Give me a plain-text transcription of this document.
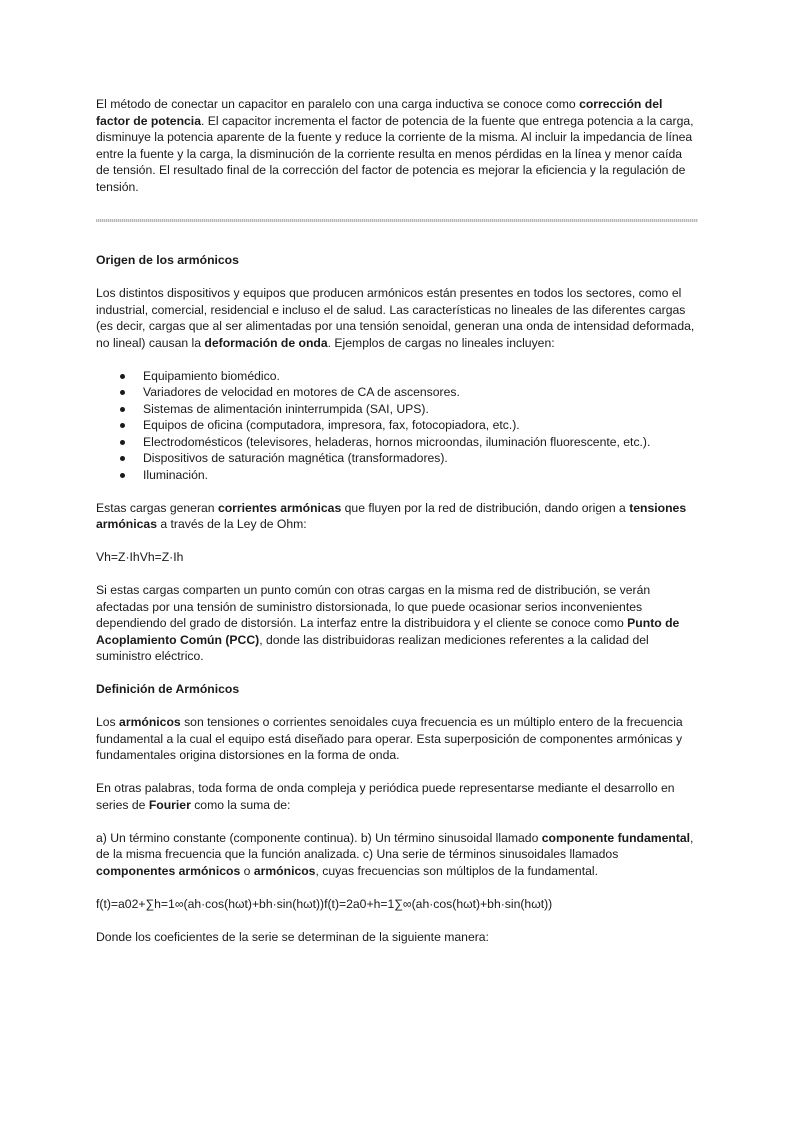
El método de conectar un capacitor en paralelo con una carga inductiva se conoce como corrección del factor de potencia. El capacitor incrementa el factor de potencia de la fuente que entrega potencia a la carga, disminuye la potencia aparente de la fuente y reduce la corriente de la misma. Al incluir la impedancia de línea entre la fuente y la carga, la disminución de la corriente resulta en menos pérdidas en la línea y menor caída de tensión. El resultado final de la corrección del factor de potencia es mejorar la eficiencia y la regulación de tensión.

Origen de los armónicos

Los distintos dispositivos y equipos que producen armónicos están presentes en todos los sectores, como el industrial, comercial, residencial e incluso el de salud. Las características no lineales de las diferentes cargas (es decir, cargas que al ser alimentadas por una tensión senoidal, generan una onda de intensidad deformada, no lineal) causan la deformación de onda. Ejemplos de cargas no lineales incluyen:

Equipamiento biomédico.
Variadores de velocidad en motores de CA de ascensores.
Sistemas de alimentación ininterrumpida (SAI, UPS).
Equipos de oficina (computadora, impresora, fax, fotocopiadora, etc.).
Electrodomésticos (televisores, heladeras, hornos microondas, iluminación fluorescente, etc.).
Dispositivos de saturación magnética (transformadores).
Iluminación.

Estas cargas generan corrientes armónicas que fluyen por la red de distribución, dando origen a tensiones armónicas a través de la Ley de Ohm:

Vh=Z·IhVh=Z·Ih

Si estas cargas comparten un punto común con otras cargas en la misma red de distribución, se verán afectadas por una tensión de suministro distorsionada, lo que puede ocasionar serios inconvenientes dependiendo del grado de distorsión. La interfaz entre la distribuidora y el cliente se conoce como Punto de Acoplamiento Común (PCC), donde las distribuidoras realizan mediciones referentes a la calidad del suministro eléctrico.

Definición de Armónicos

Los armónicos son tensiones o corrientes senoidales cuya frecuencia es un múltiplo entero de la frecuencia fundamental a la cual el equipo está diseñado para operar. Esta superposición de componentes armónicas y fundamentales origina distorsiones en la forma de onda.

En otras palabras, toda forma de onda compleja y periódica puede representarse mediante el desarrollo en series de Fourier como la suma de:

a) Un término constante (componente continua). b) Un término sinusoidal llamado componente fundamental, de la misma frecuencia que la función analizada. c) Una serie de términos sinusoidales llamados componentes armónicos o armónicos, cuyas frecuencias son múltiplos de la fundamental.

f(t)=a02+∑h=1∞(ah·cos⁡(hωt)+bh·sin⁡(hωt))f(t)=2a0+h=1∑∞(ah·cos(hωt)+bh·sin(hωt))

Donde los coeficientes de la serie se determinan de la siguiente manera:
